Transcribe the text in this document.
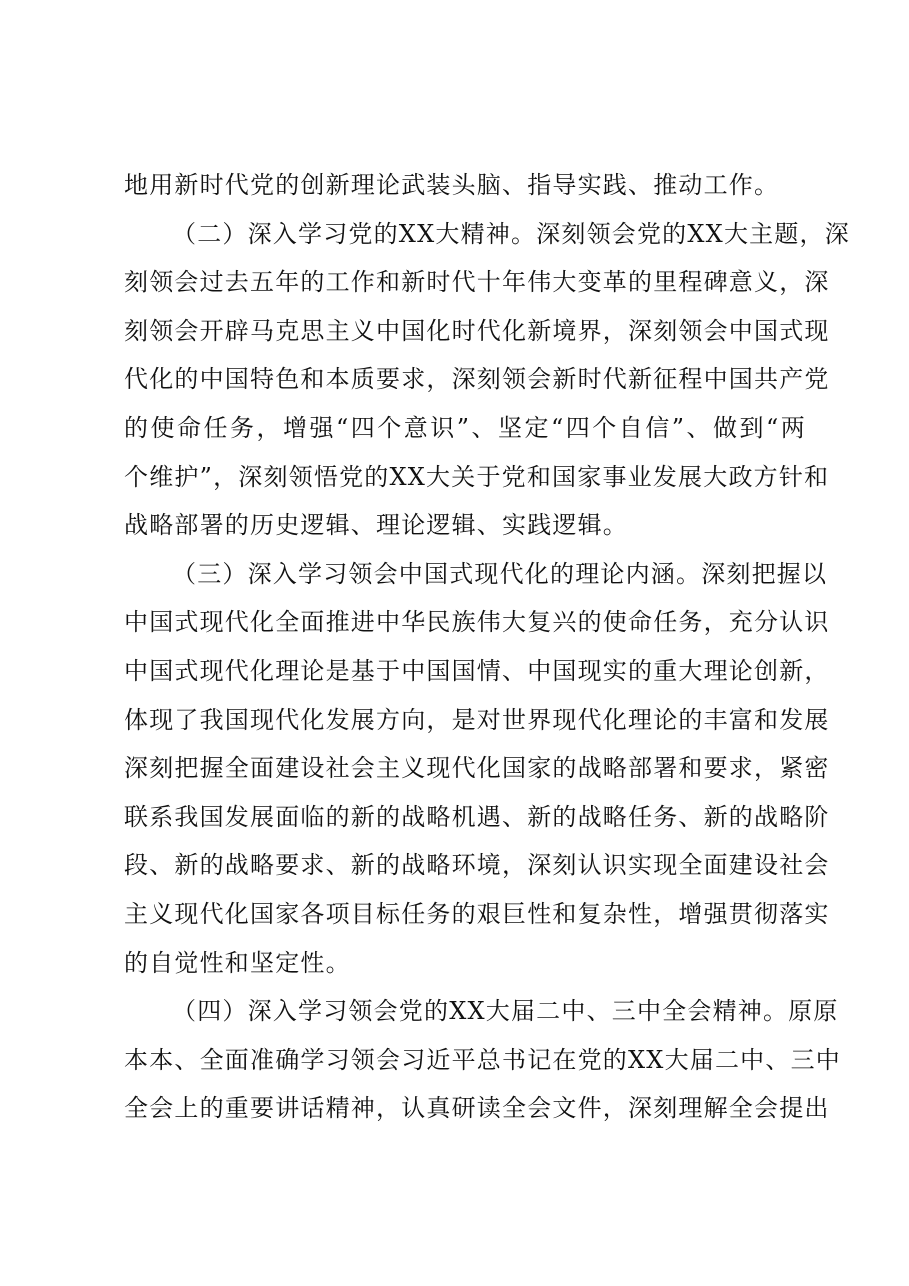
地用新时代党的创新理论武装头脑、指导实践、推动工作。
（二）深入学习党的XX大精神。深刻领会党的XX大主题，深
刻领会过去五年的工作和新时代十年伟大变革的里程碑意义，深
刻领会开辟马克思主义中国化时代化新境界，深刻领会中国式现
代化的中国特色和本质要求，深刻领会新时代新征程中国共产党
的使命任务，增强“四个意识”、坚定“四个自信”、做到“两
个维护”，深刻领悟党的XX大关于党和国家事业发展大政方针和
战略部署的历史逻辑、理论逻辑、实践逻辑。
（三）深入学习领会中国式现代化的理论内涵。深刻把握以
中国式现代化全面推进中华民族伟大复兴的使命任务，充分认识
中国式现代化理论是基于中国国情、中国现实的重大理论创新，
体现了我国现代化发展方向，是对世界现代化理论的丰富和发展
深刻把握全面建设社会主义现代化国家的战略部署和要求，紧密
联系我国发展面临的新的战略机遇、新的战略任务、新的战略阶
段、新的战略要求、新的战略环境，深刻认识实现全面建设社会
主义现代化国家各项目标任务的艰巨性和复杂性，增强贯彻落实
的自觉性和坚定性。
（四）深入学习领会党的XX大届二中、三中全会精神。原原
本本、全面准确学习领会习近平总书记在党的XX大届二中、三中
全会上的重要讲话精神，认真研读全会文件，深刻理解全会提出
